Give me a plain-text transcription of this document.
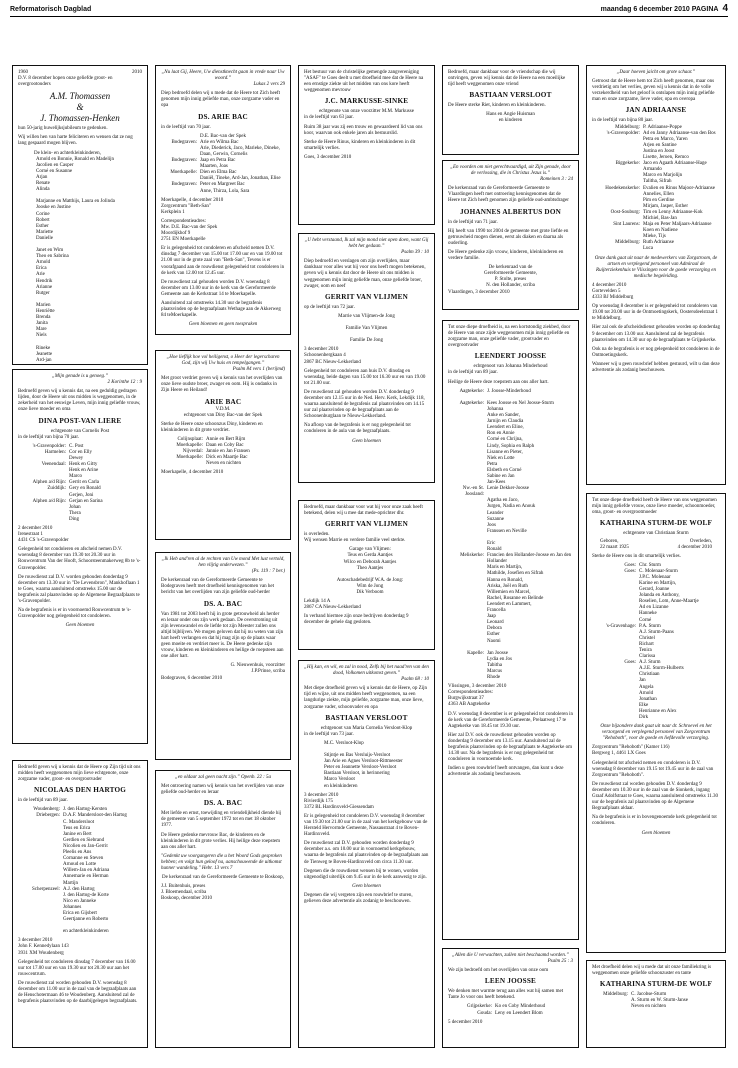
Reformatorisch Dagblad	maandag 6 december 2010 PAGINA 4
1960	2010

D.V. 8 december hopen onze geliefde groot- en overgrootouders

A.M. Thomassen
&
J. Thomassen-Henken

hun 50-jarig huwelijksjubileum te gedenken.

Wij willen hen van harte feliciteren en wensen dat ze nog lang gespaard mogen blijven.

De klein- en achterkleinkinderen,
Arnold en Bonnie, Ronald en Madelijn
Jacolien en Casper
Corné en Susanne
Arjan
Renate
Alinda

Marjanne en Matthijs, Laura en Jolinda
Jooske en Justine
Corine
Robert
Esther
Mariette
Danielle

Janet en Wim
Theo en Sabrina
Arnold
Erica
Arie
Hendrik
Arianne
Rutger

Marien
Henriëtte
Brenda
Janita
Mare
Niels

Rineke
Jeanette
Ard-jan
„Mijn genade is u genoeg.”
2 Korinthe 12 : 9

Bedroefd geven wij u kennis dat, na een geduldig gedragen lijden, door de Heere uit ons midden is weggenomen, in de zekerheid van het eeuwige Leven, mijn innig geliefde vrouw, onze lieve moeder en oma

DINA POST-VAN LIERE

echtgenote van Cornelis Post

in de leeftijd van bijna 70 jaar.

's-Gravenpolder: C. Post
Harmelen: Cor en Elly
Dewey
Veenendaal: Henk en Gitty
Henk en Arine
Marco
Alphen a/d Rijn: Gerrit en Carla
Zuiddijk: Gery en Ronald
Gerjen, Joni
Alphen a/d Rijn: Gerjan en Sarina
Johan
Thera
Ding
2 december 2010
Irenestraat 1

4431 CS 's-Gravenpolder

Gelegenheid tot condoleren en afscheid nemen D.V. woensdag 8 december van 19.30 tot 20.30 uur in Rouwcentrum Van der Hooft, Schoorsteenmakerweg 8b te 's-Gravenpolder.

De rouwdienst zal D.V. worden gehouden donderdag 9 december om 13.30 uur in "De Levensbron", Mankhoflaan 1 te Goes, waarna aansluitend omstreeks 15.00 uur de begrafenis zal plaatsvinden op de Algemene Begraafplaats te 's-Gravenpolder.

Na de begrafenis is er in voornoemd Rouwcentrum te 's-Gravenpolder nog gelegenheid tot condoleren.

Geen bloemen

Bedroefd geven wij u kennis dat de Heere op Zijn tijd uit ons midden heeft weggenomen mijn lieve echtgenote, onze zorgzame vader, groot- en overgrootvader

NICOLAAS DEN HARTOG

in de leeftijd van 89 jaar.

Woudenberg: J. den Hartog-Kersten
Driebergen: D.A.F. Mandersloot-den Hartog
C. Mandersloot
Teus en Erica
Janine en Bert
Gerdien en Siebrand
Nicolien en Jan-Gerrit
Pleelis en Ans
Cornanne en Steven
Arnoud en Lotte
Willem-Jan en Adriana
Annemarie en Herman
Martijn
Scherpenzeel: A.J. den Hartog
J. den Hartog-de Korte
Nico en Janneke
Johannes
Erica en Gijsbert
Geertjanne en Roberto

en achterkleinkinderen
3 december 2010
John F. Kennedylaan 143

3931 XM Woudenberg

Gelegenheid tot condoleren dinsdag 7 december van 16.00 uur tot 17.00 uur en van 19.30 uur tot 20.30 uur aan het rouwcentrum.

De rouwdienst zal worden gehouden D.V. woensdag 8 december om 11.00 uur in de zaal van de begraafplaats aan de Henschotermaan 46 te Woudenberg. Aansluitend zal de begrafenis plaatsvinden op de daarbijgelegen begraafplaats.

„Nu laat Gij, Heere, Uw dienstknecht gaan in vrede naar Uw woord.”
Lukas 2 vers 29

Diep bedroefd delen wij u mede dat de Heere tot Zich heeft genomen mijn innig geliefde man, onze zorgzame vader en opa

DS. ARIE BAC

in de leeftijd van 70 jaar.

D.E. Bac-van der Spek
Bodegraven: Arie en Wilma Bac
Arie, Diederick, Jaco, Marieke, Dineke, Daan, Gerwin, Cornelis
Bodegraven: Jaap en Petra Bac
Maarten, Joas
Moerkapelle: Dien en Elma Bac
Daniël, Tineke, Ard-Jan, Jonathan, Elise
Bodegraven: Peter en Margreet Bac
Anne, Thirza, Lola, Sara
Moerkapelle, 4 december 2010
Zorgcentrum "Beth-San"

Kerkplein 1

Correspondentieadres:
Mw. D.E. Bac-van der Spek
Moordijkhof 9

2751 EN Moerkapelle

Er is gelegenheid tot condoleren en afscheid nemen D.V. dinsdag 7 december van 15.00 tot 17.00 uur en van 19.00 tot 21.00 uur in de grote zaal van "Beth-San", Tevens is er voorafgaand aan de rouwdienst gelegenheid tot condoleren in de kerk van 12.00 tot 12.45 uur.

De rouwdienst zal gehouden worden D.V. woensdag 8 december om 13.00 uur in de kerk van de Gereformeerde Gemeente aan de Kerkstraat 14 te Moerkapelle.

Aansluitend zal omstreeks 14.30 uur de begrafenis plaatsvinden op de begraafplaats Wethage aan de Akkerweg 84 teMoerkapelle.

Geen bloemen en geen toespraken
„Hoe lieflijk hoe vol heiligenst, o Heer der legerscharen God, zijn wij Uw huis en tempelgangen.”
Psalm 84 vers 1 (berijmd)

Met groot verdriet geven wij u kennis van het overlijden van onze lieve oudste broer, zwager en oom. Hij is ondanks in Zijn Heere en Heiland!

ARIE BAC
V.D.M.

echtgenoot van Diny Bac-van der Spek

Sterke de Heere onze schoonzus Diny, kinderen en kleinkinderen in dit grote verdriet.

Colijnsplaat: Annie en Bert Rijm
Moerkapelle: Daan en Coby Bac
Nijverdal: Jannie en Jan Fransen
Moerkapelle: Dick en Maartje Bac
Neven en nichten
Moerkapelle, 4 december 2010
„Ik Heb and'ren al de rechten van Uw mond Met lust vertold, hen vlijtig onderwezen.”
(Ps. 119 : 7 ber.)

De kerkenraad van de Gereformeerde Gemeente te Bodegraven heeft met droefheid kennisgenomen van het bericht van het overlijden van zijn geliefde oud-herder

DS. A. BAC

Van 1981 tot 2003 heeft hij in grote getrouwheid als herder en leraar onder ons zijn werk gedaan. De overstroming uit zijn levenswandel en de liefde tot zijn Meester zullen ons altijd bijblijven. We mogen geloven dat hij nu weten van zijn hart heeft verlangen en dat hij mag zijn op de plaats waar geen moeite en verdriet meer is. De Heere gedenke zijn vrouw, kinderen en kleinkinderen en heilige de roepsteen aan one aller hart.

G. Nieuwenhuis, voorzitter
J.P.Prinse, scriba
Bodegraven, 6 december 2010
„en oldaar zal geen nacht zijn.” Openb. 22 : 5a

Met ontroering namen wij kennis van het overlijden van onze geliefde oud-herder en leraar

DS. A. BAC

Met liefde en ernst, toewijding en vriendelijkheid diende hij de gemeente van 5 september 1972 tot en met 18 oktober 1977.

De Heere gedenke mevrouw Bac, de kinderen en de kleinkinderen in dit grote verlies. Hij heilige deze roepstem aan ons aller hart.

"Gedenkt uw voorgangeren die u het Woord Gods gesproken hebben; en volgt hun geloof na, aanschouwende de uitkomst hunner wandeling." Hebr. 13 vers 7

De kerkenraad van de Gereformeerde Gemeente te Boskoop,

J.J. Buitenhuis, preses
J. Bloemendaal, scriba
Boskoop, december 2010

Het bestuur van de christelijke gemengde zangvereniging "ASAF" te Goes deelt u met droefheid mee dat de Heere na een ernstige ziekte uit het midden van ons kore heeft weggenomen mevrouw

J.C. MARKUSSE-SINKE

echtgenote van onze voorzitter M.M. Markusse

in de leeftijd van 63 jaar.

Ruim 38 jaar was zij een trouw en gewaardeerd lid van ons koor, waarvan ook enkele jaren als bestuurslid.

Sterke de Heere Rinus, kinderen en kleinkinderen in dit smartelijk verlies.

Goes, 3 december 2010
„U hebt verstaand, Ik zal mijn mond niet open doen, want Gij hebt het gedaan.”
Psalm 39 : 10

Diep bedroefd en verslagen om zijn overlijden, maar dankbaar voor alles wat hij voor ons heeft mogen betekenen, geven wij u kennis dat door de Heere uit ons midden is weggenomen mijn innig geliefde man, onze geliefde broer, zwager, oom en neef

GERRIT VAN VLIJMEN

op de leeftijd van 72 jaar.

Marrie van Vlijmen-de Jong

Familie Van Vlijmen

Familie De Jong
3 december 2010
Schoonenbergkaan 4

2867 BC Nieuw-Lekkerland

Gelegenheid tot condoleren aan huis D.V. dinsdag en woensdag, beide dagen van 15.00 tot 16.30 uur en van 19.00 tot 21.00 uur.

De rouwdienst zal gehouden worden D.V. donderdag 9 december om 12.15 uur in de Ned. Herv. Kerk, Lekdijk 118, waarna aansluitend de begrafenis zal plaatsvinden om 14.15 uur zal plaatsvinden op de begraafplaats aan de Schoonenburglaan te Nieuw-Lekkerland.

Na afloop van de begrafenis is er nog gelegenheid tot condoleren in de aula van de begraafplaats.

Geen bloemen

Bedroefd, maar dankbaar voor wat hij voor onze zaak heeft betekend, delen wij u mee dat mede-oprichter dhr.

GERRIT VAN VLIJMEN

is overleden.

Wij wensen Marrie en verdere familie veel sterkte.

Garage van Vlijmen:
Teus en Gerda Aantjes
Wilco en Deborah Aantjes
Theo Aantjes

Autoschadebedrijf W.A. de Jong:
Wim de Jong
Dik Verboom
Lekdijk 14 A

2867 CA Nieuw-Lekkerland

In verband hiermee zijn onze bedrijven donderdag 9 december de gehele dag gesloten.

„Hij kan, en wil, en zal in nood, Zelfs bij het naad'ren van den dood, Volkomen uitkomst geven.”
Psalm 68 : 10

Met diepe droefheid geven wij u kennis dat de Heere, op Zijn tijd en wijze, uit ons midden heeft weggenomen, na een langdurige ziekte, mijn geliefde, zorgzame man, onze lieve, zorgzame vader, schoonvader en opa

BASTIAAN VERSLOOT

echtgenoot van Maria Cornelia Versloot-Klop

in de leeftijd van 73 jaar.

M.C. Versloot-Klop

Stijntje en Bas Versluijs-Versloot
Jan Arie en Agnes Versloot-Rittmeester
Peter en Jeannette Versloot-Versloot
Bastiaan Versloot, in herinnering
Marco Versloot
en kleinkinderen
3 december 2010
Rivierdijk 175

3372 BL Hardinxveld-Giessendam

Er is gelegenheid tot condoleren D.V. woensdag 8 december van 19.30 tot 21.00 uur in de zaal van het kerkgebouw van de Hersteld Hervormde Gemeente, Nassaustraat 4 te Boven-Hardinxveld.

De rouwdienst zal D.V. gehouden worden donderdag 9 december a.s. om 10.00 uur in voornoemd kerkgebouw, waarna de begrafenis zal plaatsvinden op de begraafplaats aan de Tienweg te Boven-Hardinxveld om circa 11.30 uur.

Degenen die de rouwdienst wensen bij te wonen, worden uitgenodigd uiterlijk om 9.45 uur in de kerk aanwezig te zijn.

Geen bloemen

Degenen die wij vergeten zijn een rouwbrief te sturen, gelieven deze advertentie als zodanig te beschouwen.

Bedroefd, maar dankbaar voor de vriendschap die wij ontvingen, geven wij kennis dat de Heere na een moeilijke tijd heeft weggenomen onze vriend

BASTIAAN VERSLOOT

De Heere sterke Riet, kinderen en kleinkinderen.

Hans en Angie Huisman
en kinderen
„En voorden om niet gerechtvaardigd, uit Zijn genade, door de verlossing, die in Christus Jezus is.”
Romeinen 3 : 24

De kerkenraad van de Gereformeerde Gemeente te Vlaardingen heeft met ontroering kennisgenomen dat de Heere tot Zich heeft genomen zijn geliefde oud-ambtsdrager

JOHANNES ALBERTUS DON

in de leeftijd van 71 jaar.

Hij heeft van 1990 tot 2004 de gemeente met grote liefde en getrouwheid mogen dienen, eerst als diaken en daarna als ouderling.

De Heere gedenke zijn vrouw, kinderen, kleinkinderen en verdere familie.

De kerkenraad van de
Gereformeerde Gemeente,
P. Stolte, preses
N. den Hollander, scriba
Vlaardingen, 3 december 2010

Tot onze diepe droefheid is, na een kortstondig ziekbed, door de Heere van onze zijde weggenomen mijn innig geliefde en zorgzame man, onze geliefde vader, grootvader en overgrootvader

LEENDERT JOOSSE

echtgenoot van Johanna Minderhoud

in de leeftijd van 89 jaar.

Heilige de Heere deze roepstem aan ons aller hart.

Aagtekerke: J. Joosse-Minderhoud

Aagtekerke: Kees Joosse en Nel Joosse-Sturm
Johanna
Anke en Sander,
Jarnijn en Claudia
Leendert en Eline,
Ron en Annie
Corné en Chrijna,
Lindy, Sophia en Ralph
Lisanne en Pieter,
Niek en Lotte
Petra
Elsbeth en Corné
Sabine en Jan
Jan-Kees
Nw.-en St. Joosland:
Lenie Dekker-Joosse
Agatha en Jaco,
Jurgen, Nadia en Anouk
Leander
Suzanne
Joos
Franssen en Neville

Eric
Ronald
Meliskerke: Francien den Hollander-Joosse en Jan den Hollander
Maris en Martijn,
Mathilde, Josefien en Sifrah
Hanna en Ronald,
Ariska, Joël en Ruth
Willemien en Marcel,
Rachel, Rosanne en Belinde
Leendert en Lammert,
Francella
Jaap
Leonard
Debora
Esther
Naomi

Kapelle: Jan Joosse
Lydia en Jos
Tabitha
Marcus
Rhode
Vlissingen, 3 december 2010
Correspondentieadres:
Burgwijkstraat 37

4363 AB Aagtekerke

D.V. woensdag 8 december is er gelegenheid tot condoleren in de kerk van de Gereformeerde Gemeente, Prelaatweg 17 te Aagtekerke van 18.45 tot 19.30 uur.

Hier zal D.V. ook de rouwdienst gehouden worden op donderdag 9 december om 13.15 uur. Aansluitend zal de begrafenis plaatsvinden op de begraafplaats te Aagtekerke om 14.30 uur. Na de begrafenis is er nog gelegenheid tot condoleren in voornoemde kerk.

Indien u geen rouwbrief heeft ontvangen, dan kunt u deze advertentie als zodanig beschouwen.

„Allen die U verwachten, zullen niet beschaamd worden.”
Psalm 25 : 3

We zijn bedroefd om het overlijden van onze oom

LEEN JOOSSE

We denken met warmte terug aan alles wat hij samen met Tante Jo voor ons heeft betekend.

Grijpskerke: Ko en Coby Minderhoud
Gouda: Leny en Leendert Blom
5 december 2010
„Daar hoeven jaicht om grote schaar.”

Getroost dat de Heere hem tot Zich heeft genomen, maar ons verdrietig om het verlies, geven wij u kennis dat in de volle verzekerdheid van het geloof is ontslapen mijn innig geliefde man en onze zorgzame, lieve vader, opa en overopa

JAN ADRIAANSE

in de leeftijd van bijna 80 jaar.
Middelburg: P. Adriaanse-Poppe
's-Gravenpolder: Ad en Janny Adriaanse-van den Bos
Petra en Marco, Yaren
Arjen en Santine
Justina en Joost
Lisette, Jeroen, Remco
Biggekerke: Jaco en Agaath Adriaanse-Hage
Armando
Marco en Marjolijn
Talitha, Sifrah
Hoedekenskerke: Evalien en Rinus Majoor-Adriaanse
Annelies, Ellen
Pim en Gerdine
Mirjam, Jasper, Esther
Oost-Souburg: Tim en Lenny Adriaanse-Kok
Michiel, Bas-Jan
Sint Laurens: Maja en Peter Maljaars-Adriaanse
Koen en Nadiene
Mieke, Tijs
Middelburg: Ruth Adriaanse
Luca

Onze dank gaat uit naar de medewerkers van Zorgstroom, de artsen en verplegend personeel van Admiraal de Ruijterziekenhuis te Vlissingen voor de goede verzorging en medische begeleiding.

4 december 2010
Gortevelden 5

4333 BJ Middelburg

Op woensdag 8 december is er gelegenheid tot condoleren van 19.00 tot 20.00 uur in de Ontmoetingskerk, Oostersdeelstraat 1 te Middelburg.

Hier zal ook de afscheidsdienst gehouden worden op donderdag 9 december om 13.00 uur. Aansluitend zal de begrafenis plaatsvinden om 14.30 uur op de begraafplaats te Grijpskerke.

Ook na de begrafenis is er nog gelegenheid tot condoleren in de Ontmoetingskerk.

Wanneer wij u geen rouwbrief hebben gestuurd, wilt u dan deze advertentie als zodanig beschouwen.

Tot onze diepe droefheid heeft de Heere van ons weggenomen mijn innig geliefde vrouw, onze lieve moeder, schoonmoeder, oma, groot- en overgrootmoeder

KATHARINA STURM-DE WOLF

echtgenote van Christiaan Sturm
Geboren,
22 maart 1925
Overleden,
4 december 2010

Sterke de Heere ons in dit smartelijk verlies.

Goes: Chr. Sturm
Goes: C. Molenaar-Sturm
J.P.C. Molenaar
Karine en Martijn,
Gerard, Joanne
Jolanda en Anthony,
Roselien, Lom, Anne-Maartje
Ad en Lizanne
Hanneke
Corné
's-Gravenhage: P.A. Sturm
A.J. Sturm-Paans
Christel
Richart
Tenira
Clarissa
Goes: A.J. Sturm
A.J.E. Sturm-Hulberts
Christiaan
Jan
Angela
Arnold
Jonathan
Elke
Henrianne en Alex
Dirk

Onze bijzondere dank gaat uit naar dr. Schroevel en het verzorgend en verplegend personeel van Zorgcentrum "Rehoboth", voor de goede en liefdevolle verzorging.

Zorgcentrum "Rehoboth" (Kamer 116)

Bergweg 1, 4461 LX Goes

Gelegenheid tot afscheid nemen en condoleren is D.V. woensdag 8 december van 19.15 tot 19.45 uur in de zaal van Zorgcentrum "Rehoboth".

De rouwdienst zal worden gehouden D.V. donderdag 9 december om 10.30 uur in de zaal van de Sionkerk, ingang Graaf Adolfstraat te Goes, waarna aansluitend omstreeks 11.30 uur de begrafenis zal plaatsvinden op de Algemene Begraafplaats aldaar.

Na de begrafenis is er in bovengenoemde kerk gelegenheid tot condoleren.

Geen bloemen

Met droefheid delen wij u mede dat uit onze familiekring is weggenomen onze geliefde schoonzuster en tante

KATHARINA STURM-DE WOLF

Middelburg: C. Jacobse-Sturm
A. Sturm en W. Sturm-Janse
Neven en nichten
